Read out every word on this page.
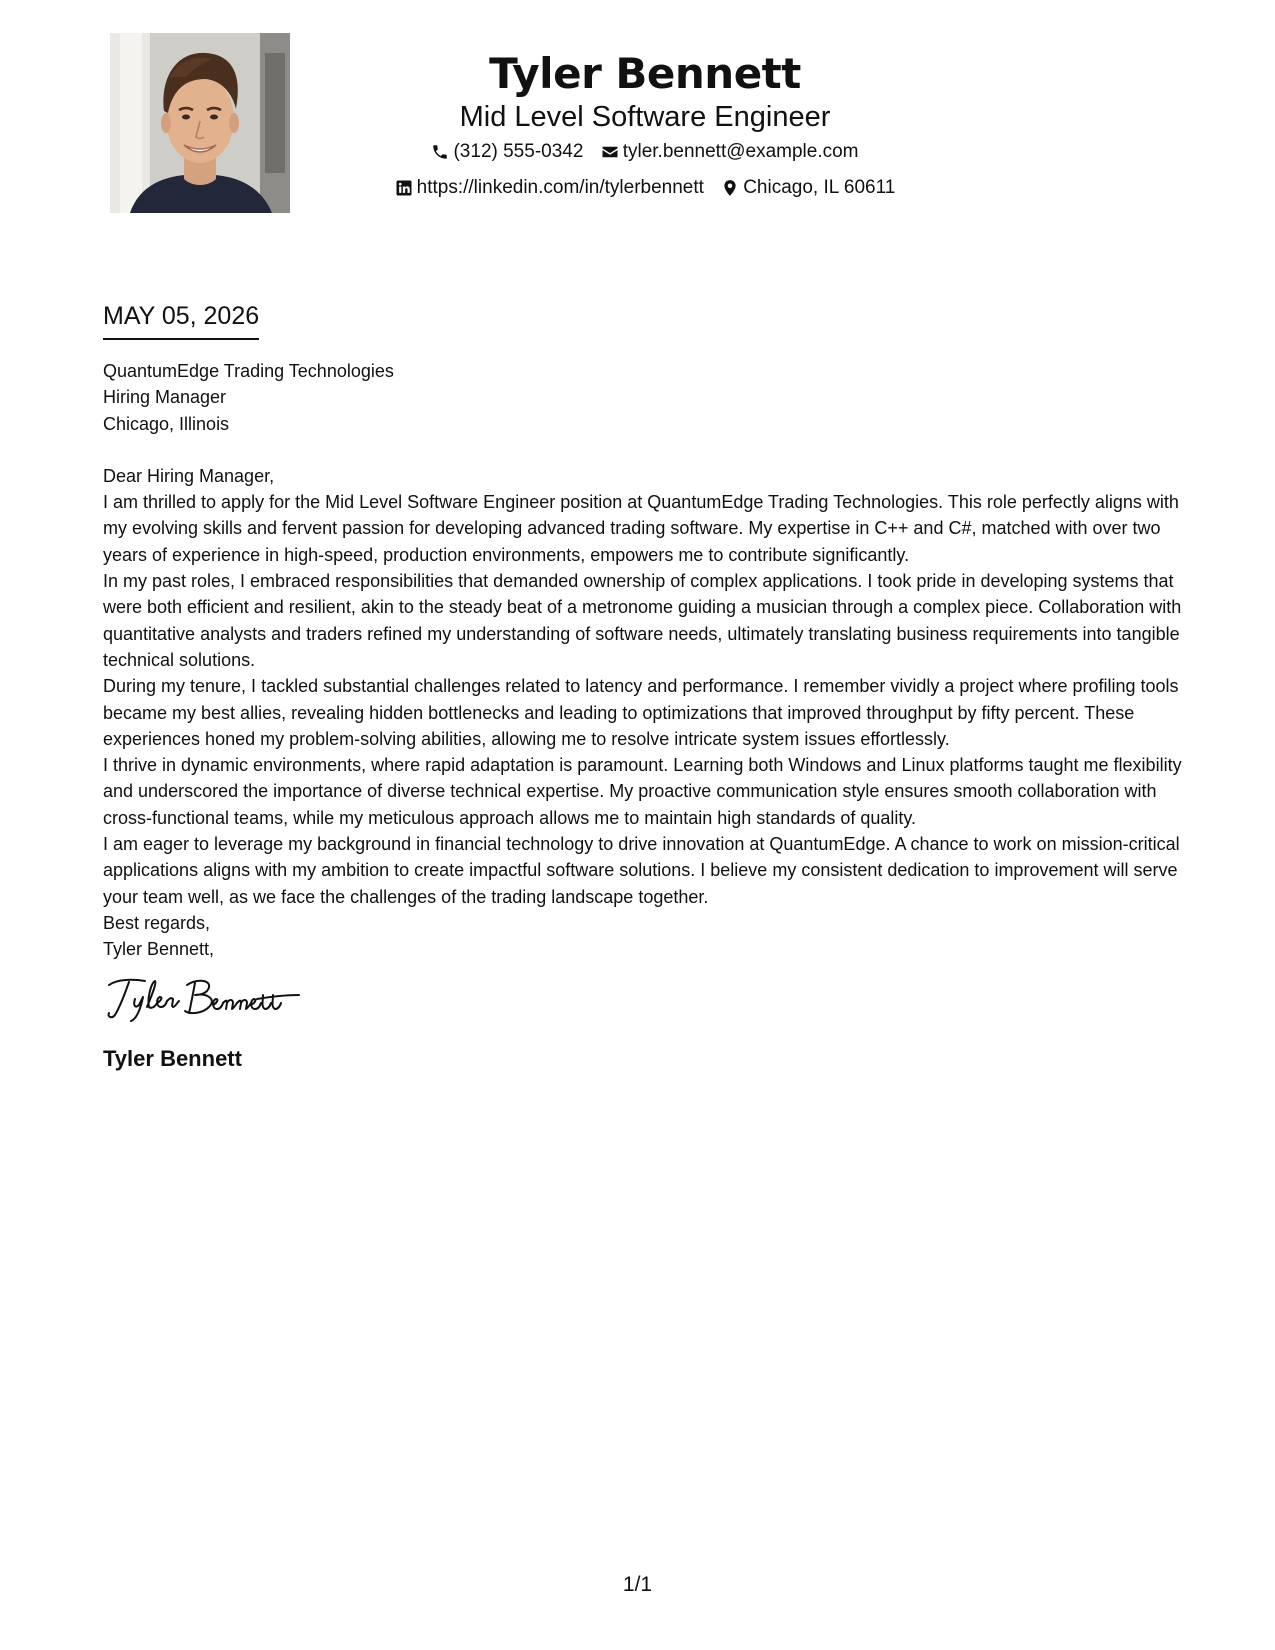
Tyler Bennett
Mid Level Software Engineer
(312) 555-0342
tyler.bennett@example.com
https://linkedin.com/in/tylerbennett
Chicago, IL 60611
MAY 05, 2026

QuantumEdge Trading Technologies

Hiring Manager

Chicago, Illinois

Dear Hiring Manager,

I am thrilled to apply for the Mid Level Software Engineer position at QuantumEdge Trading Technologies. This role perfectly aligns with my evolving skills and fervent passion for developing advanced trading software. My expertise in C++ and C#, matched with over two years of experience in high-speed, production environments, empowers me to contribute significantly.

In my past roles, I embraced responsibilities that demanded ownership of complex applications. I took pride in developing systems that were both efficient and resilient, akin to the steady beat of a metronome guiding a musician through a complex piece. Collaboration with quantitative analysts and traders refined my understanding of software needs, ultimately translating business requirements into tangible technical solutions.

During my tenure, I tackled substantial challenges related to latency and performance. I remember vividly a project where profiling tools became my best allies, revealing hidden bottlenecks and leading to optimizations that improved throughput by fifty percent. These experiences honed my problem-solving abilities, allowing me to resolve intricate system issues effortlessly.

I thrive in dynamic environments, where rapid adaptation is paramount. Learning both Windows and Linux platforms taught me flexibility and underscored the importance of diverse technical expertise. My proactive communication style ensures smooth collaboration with cross-functional teams, while my meticulous approach allows me to maintain high standards of quality.

I am eager to leverage my background in financial technology to drive innovation at QuantumEdge. A chance to work on mission-critical applications aligns with my ambition to create impactful software solutions. I believe my consistent dedication to improvement will serve your team well, as we face the challenges of the trading landscape together.

Best regards,

Tyler Bennett,

Tyler Bennett
1/1
